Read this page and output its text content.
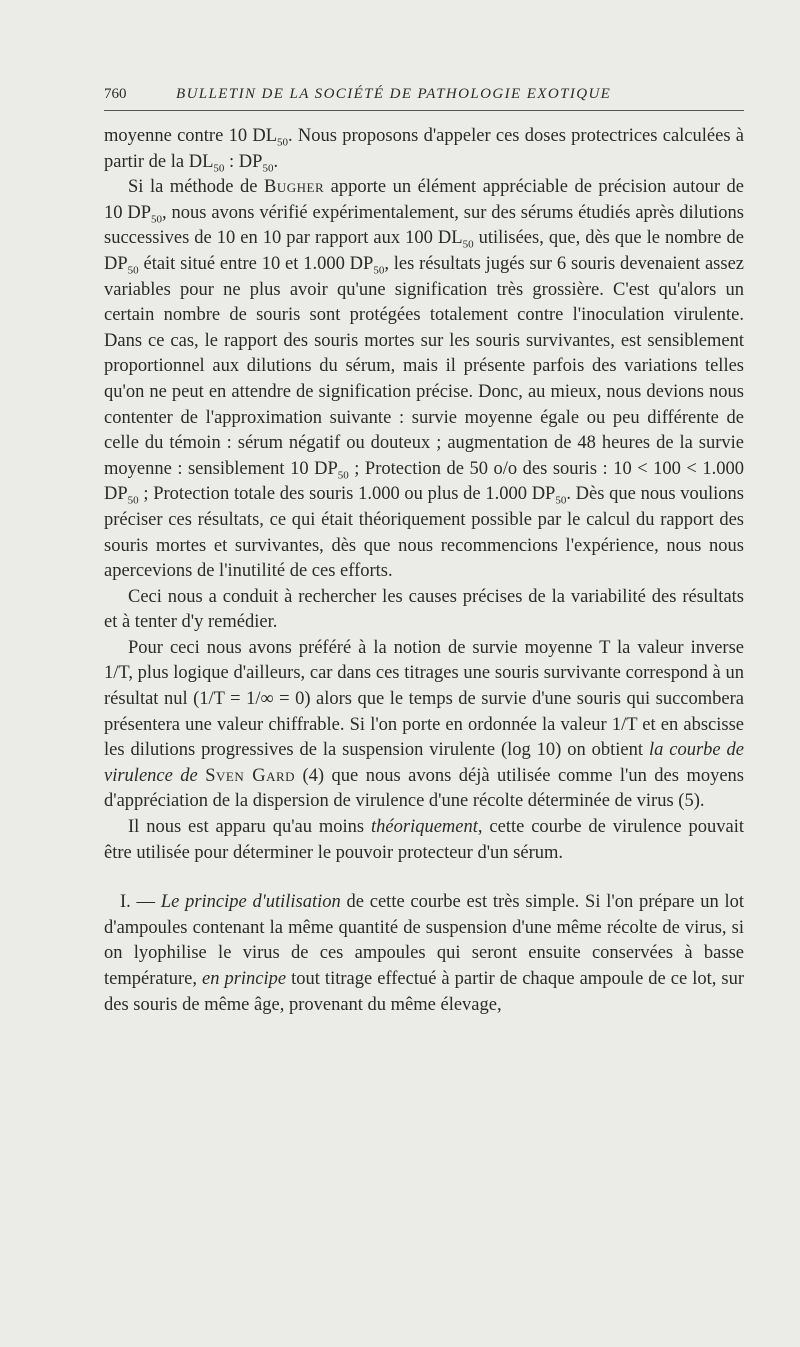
760	BULLETIN DE LA SOCIÉTÉ DE PATHOLOGIE EXOTIQUE

moyenne contre 10 $DL_{50}$. Nous proposons d'appeler ces doses protectrices calculées à partir de la $DL_{50}$ : $DP_{50}$.

Si la méthode de Bugher apporte un élément appréciable de précision autour de 10 $DP_{50}$, nous avons vérifié expérimentalement, sur des sérums étudiés après dilutions successives de 10 en 10 par rapport aux 100 $DL_{50}$ utilisées, que, dès que le nombre de $DP_{50}$ était situé entre 10 et 1.000 $DP_{50}$, les résultats jugés sur 6 souris devenaient assez variables pour ne plus avoir qu'une signification très grossière. C'est qu'alors un certain nombre de souris sont protégées totalement contre l'inoculation virulente. Dans ce cas, le rapport des souris mortes sur les souris survivantes, est sensiblement proportionnel aux dilutions du sérum, mais il présente parfois des variations telles qu'on ne peut en attendre de signification précise. Donc, au mieux, nous devions nous contenter de l'approximation suivante : survie moyenne égale ou peu différente de celle du témoin : sérum négatif ou douteux ; augmentation de 48 heures de la survie moyenne : sensiblement 10 $DP_{50}$ ; Protection de 50 o/o des souris : 10 < 100 < 1.000 $DP_{50}$ ; Protection totale des souris 1.000 ou plus de 1.000 $DP_{50}$. Dès que nous voulions préciser ces résultats, ce qui était théoriquement possible par le calcul du rapport des souris mortes et survivantes, dès que nous recommencions l'expérience, nous nous apercevions de l'inutilité de ces efforts.

Ceci nous a conduit à rechercher les causes précises de la variabilité des résultats et à tenter d'y remédier.

Pour ceci nous avons préféré à la notion de survie moyenne T la valeur inverse 1/T, plus logique d'ailleurs, car dans ces titrages une souris survivante correspond à un résultat nul (1/T = 1/∞ = 0) alors que le temps de survie d'une souris qui succombera présentera une valeur chiffrable. Si l'on porte en ordonnée la valeur 1/T et en abscisse les dilutions progressives de la suspension virulente (log 10) on obtient la courbe de virulence de Sven Gard (4) que nous avons déjà utilisée comme l'un des moyens d'appréciation de la dispersion de virulence d'une récolte déterminée de virus (5).

Il nous est apparu qu'au moins théoriquement, cette courbe de virulence pouvait être utilisée pour déterminer le pouvoir protecteur d'un sérum.

I. — Le principe d'utilisation de cette courbe est très simple. Si l'on prépare un lot d'ampoules contenant la même quantité de suspension d'une même récolte de virus, si on lyophilise le virus de ces ampoules qui seront ensuite conservées à basse température, en principe tout titrage effectué à partir de chaque ampoule de ce lot, sur des souris de même âge, provenant du même élevage,
